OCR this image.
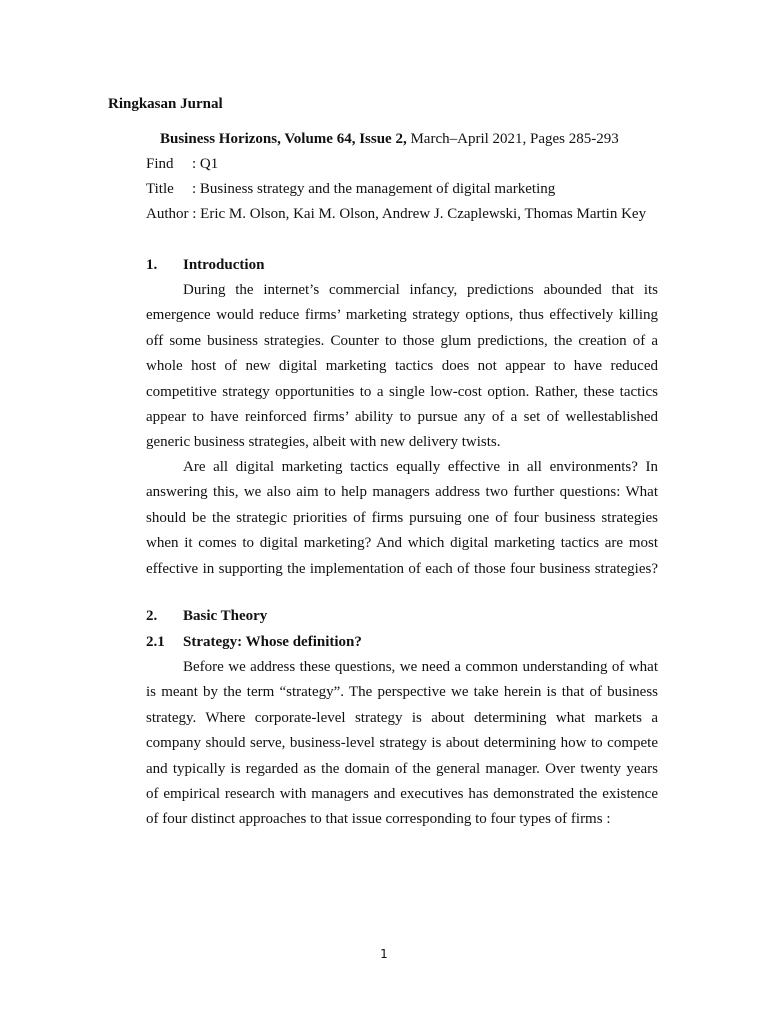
Ringkasan Jurnal

Business Horizons, Volume 64, Issue 2, March–April 2021, Pages 285-293

Find : Q1

Title : Business strategy and the management of digital marketing

Author : Eric M. Olson, Kai M. Olson, Andrew J. Czaplewski, Thomas Martin Key

1. Introduction

During the internet’s commercial infancy, predictions abounded that its
emergence would reduce firms’ marketing strategy options, thus effectively killing
off some business strategies. Counter to those glum predictions, the creation of a
whole host of new digital marketing tactics does not appear to have reduced
competitive strategy opportunities to a single low-cost option. Rather, these tactics
appear to have reinforced firms’ ability to pursue any of a set of wellestablished
generic business strategies, albeit with new delivery twists.
Are all digital marketing tactics equally effective in all environments? In
answering this, we also aim to help managers address two further questions: What
should be the strategic priorities of firms pursuing one of four business strategies
when it comes to digital marketing? And which digital marketing tactics are most
effective in supporting the implementation of each of those four business strategies?

2. Basic Theory

2.1 Strategy: Whose definition?

Before we address these questions, we need a common understanding of what
is meant by the term “strategy”. The perspective we take herein is that of business
strategy. Where corporate-level strategy is about determining what markets a
company should serve, business-level strategy is about determining how to compete
and typically is regarded as the domain of the general manager. Over twenty years
of empirical research with managers and executives has demonstrated the existence
of four distinct approaches to that issue corresponding to four types of firms :

1
